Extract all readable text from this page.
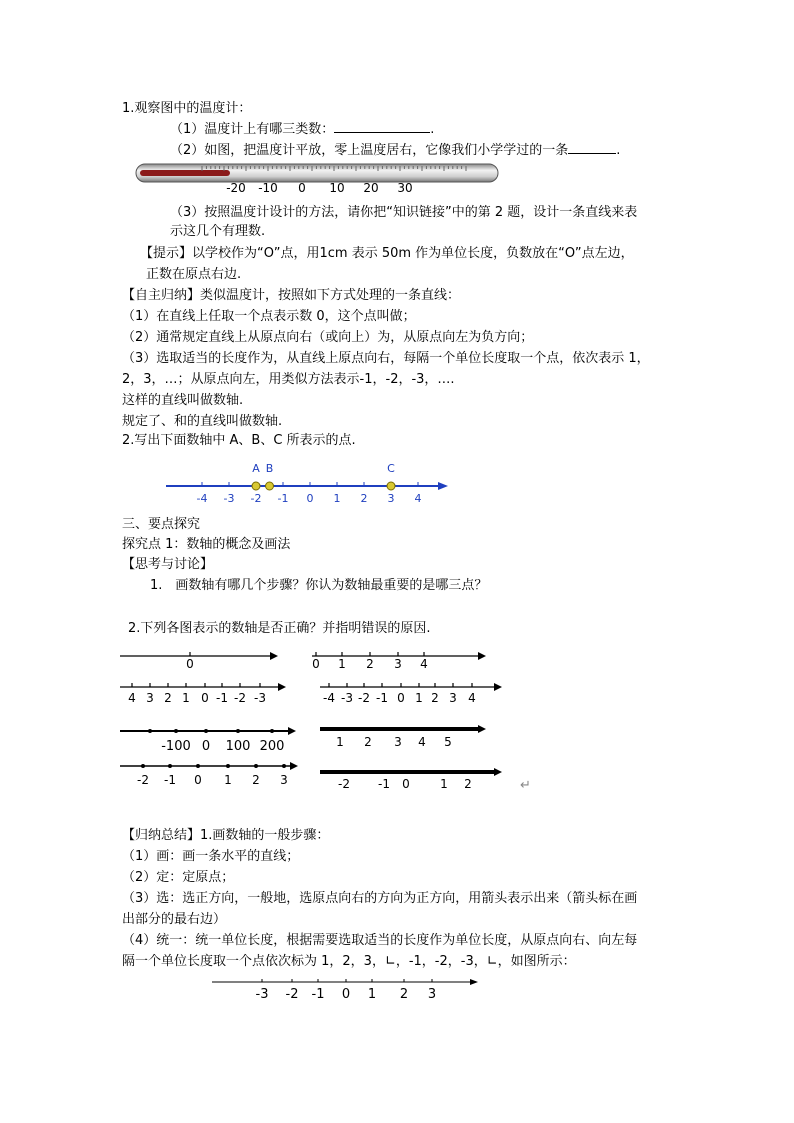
1.观察图中的温度计：
（1）温度计上有哪三类数：	.
（2）如图，把温度计平放，零上温度居右，它像我们小学学过的一条	.
-20 -10	0	10 20 30
（3）按照温度计设计的方法，请你把“知识链接”中的第 2 题，设计一条直线来表
示这几个有理数.
【提示】以学校作为“O”点，用1cm 表示 50m 作为单位长度，负数放在“O”点左边，
正数在原点右边.
【自主归纳】类似温度计，按照如下方式处理的一条直线：
（1）在直线上任取一个点表示数 0，这个点叫做；
（2）通常规定直线上从原点向右（或向上）为，从原点向左为负方向；
（3）选取适当的长度作为，从直线上原点向右，每隔一个单位长度取一个点，依次表示 1，
2，3，…；从原点向左，用类似方法表示-1，-2，-3，….
这样的直线叫做数轴.
规定了、和的直线叫做数轴.
2.写出下面数轴中 A、B、C 所表示的点.
-4 -3 -2 -1 0 1 2 3 4
A B	C
三、要点探究
探究点 1：数轴的概念及画法
【思考与讨论】
1.　画数轴有哪几个步骤？你认为数轴最重要的是哪三点？
2.下列各图表示的数轴是否正确？并指明错误的原因.
0	0 1 2 3 4
4 3 2 1 0 -1 -2 -3	-4 -3 -2 -1 0 1 2 3 4
-100 0 100 200	1 2 3 4 5
-2 -1 0 1 2 3	-2 -1 0	1 2	↵
【归纳总结】1.画数轴的一般步骤：
（1）画：画一条水平的直线；
（2）定：定原点；
（3）选：选正方向，一般地，选原点向右的方向为正方向，用箭头表示出来（箭头标在画
出部分的最右边）
（4）统一：统一单位长度，根据需要选取适当的长度作为单位长度，从原点向右、向左每
隔一个单位长度取一个点依次标为 1，2，3，∟，-1，-2，-3，∟，如图所示：
-3 -2 -1 0 1 2 3
